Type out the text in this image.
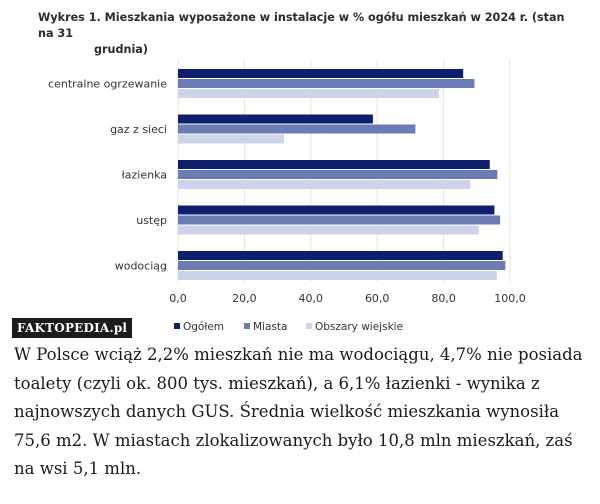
Wykres 1. Mieszkania wyposażone w instalacje w % ogółu mieszkań w 2024 r. (stan na 31
grudnia)
centralne ogrzewanie
gaz z sieci
łazienka
ustęp
wodociąg
0,0	20,0	40,0	60,0	80,0	100,0
Ogółem	Miasta	Obszary wiejskie
FAKTOPEDIA.pl
W Polsce wciąż 2,2% mieszkań nie ma wodociągu, 4,7% nie posiada toalety (czyli ok. 800 tys. mieszkań), a 6,1% łazienki - wynika z najnowszych danych GUS. Średnia wielkość mieszkania wynosiła 75,6 m2. W miastach zlokalizowanych było 10,8 mln mieszkań, zaś na wsi 5,1 mln.
